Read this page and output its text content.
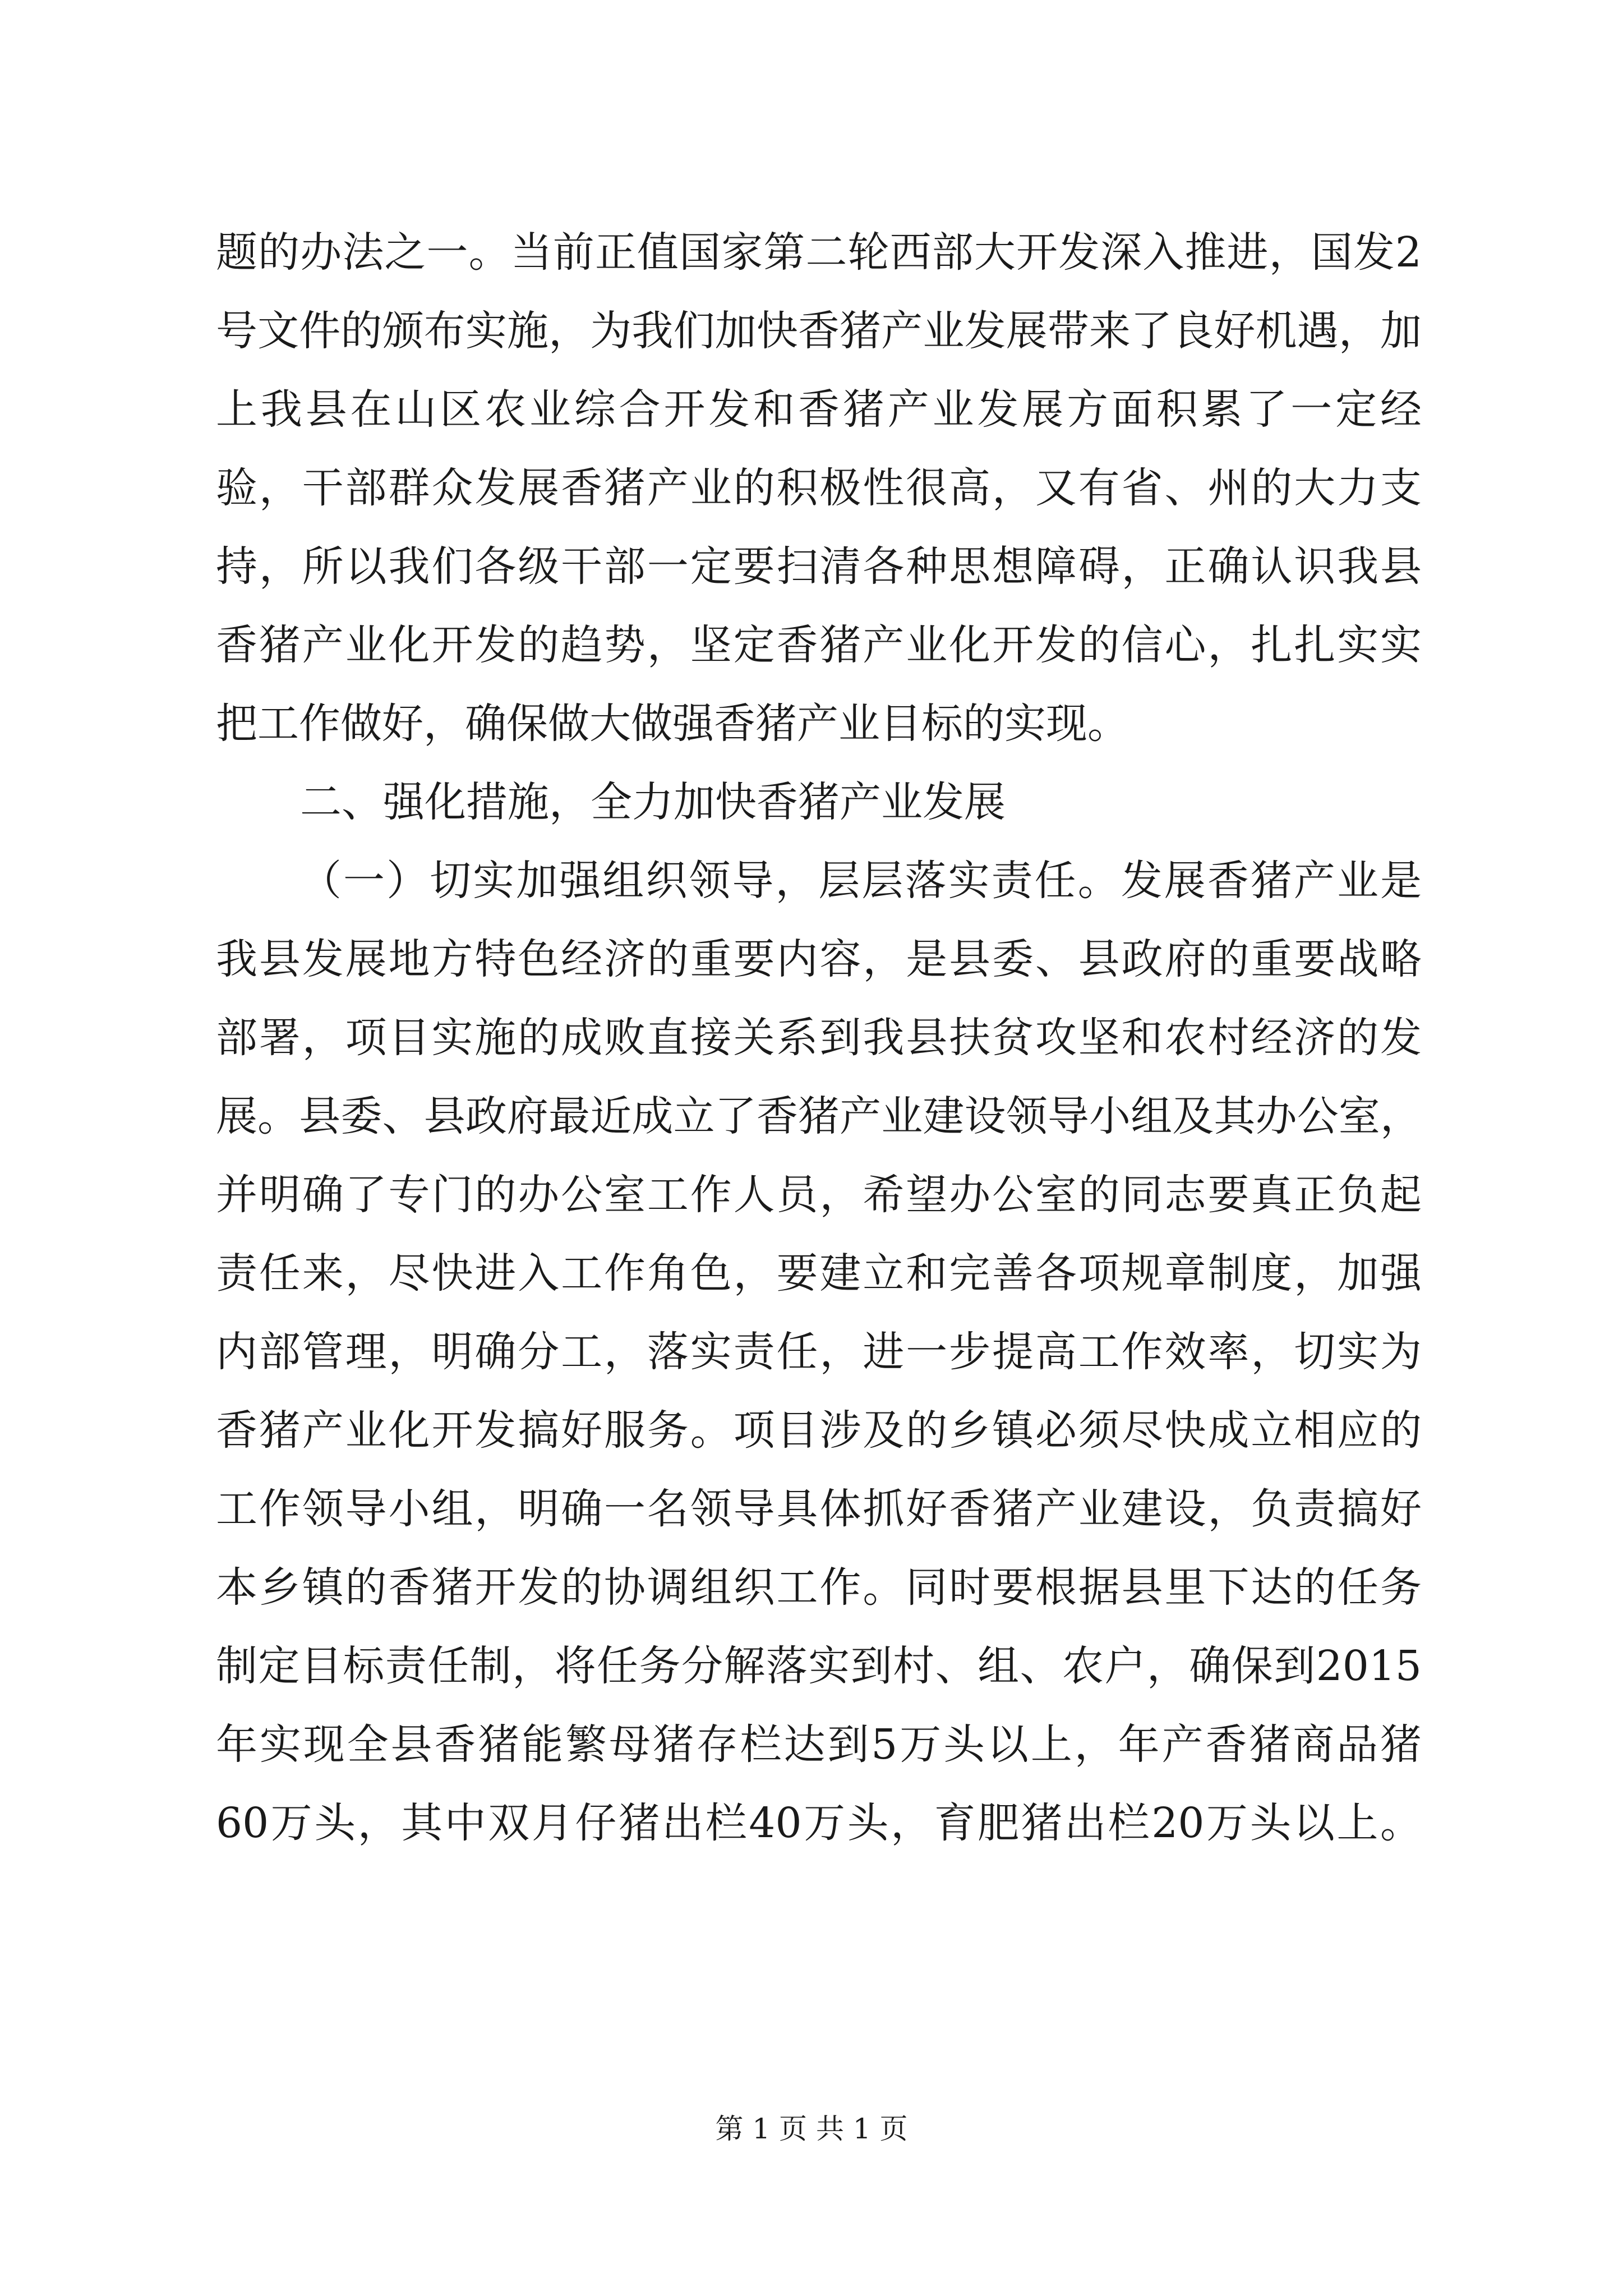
题的办法之一。当前正值国家第二轮西部大开发深入推进，国发2
号文件的颁布实施，为我们加快香猪产业发展带来了良好机遇，加
上我县在山区农业综合开发和香猪产业发展方面积累了一定经
验，干部群众发展香猪产业的积极性很高，又有省、州的大力支
持，所以我们各级干部一定要扫清各种思想障碍，正确认识我县
香猪产业化开发的趋势，坚定香猪产业化开发的信心，扎扎实实
把工作做好，确保做大做强香猪产业目标的实现。
二、强化措施，全力加快香猪产业发展
（一）切实加强组织领导，层层落实责任。发展香猪产业是
我县发展地方特色经济的重要内容，是县委、县政府的重要战略
部署，项目实施的成败直接关系到我县扶贫攻坚和农村经济的发
展。县委、县政府最近成立了香猪产业建设领导小组及其办公室，
并明确了专门的办公室工作人员，希望办公室的同志要真正负起
责任来，尽快进入工作角色，要建立和完善各项规章制度，加强
内部管理，明确分工，落实责任，进一步提高工作效率，切实为
香猪产业化开发搞好服务。项目涉及的乡镇必须尽快成立相应的
工作领导小组，明确一名领导具体抓好香猪产业建设，负责搞好
本乡镇的香猪开发的协调组织工作。同时要根据县里下达的任务
制定目标责任制，将任务分解落实到村、组、农户，确保到2015
年实现全县香猪能繁母猪存栏达到5万头以上，年产香猪商品猪
60万头，其中双月仔猪出栏40万头，育肥猪出栏20万头以上。
第 1 页 共 1 页
